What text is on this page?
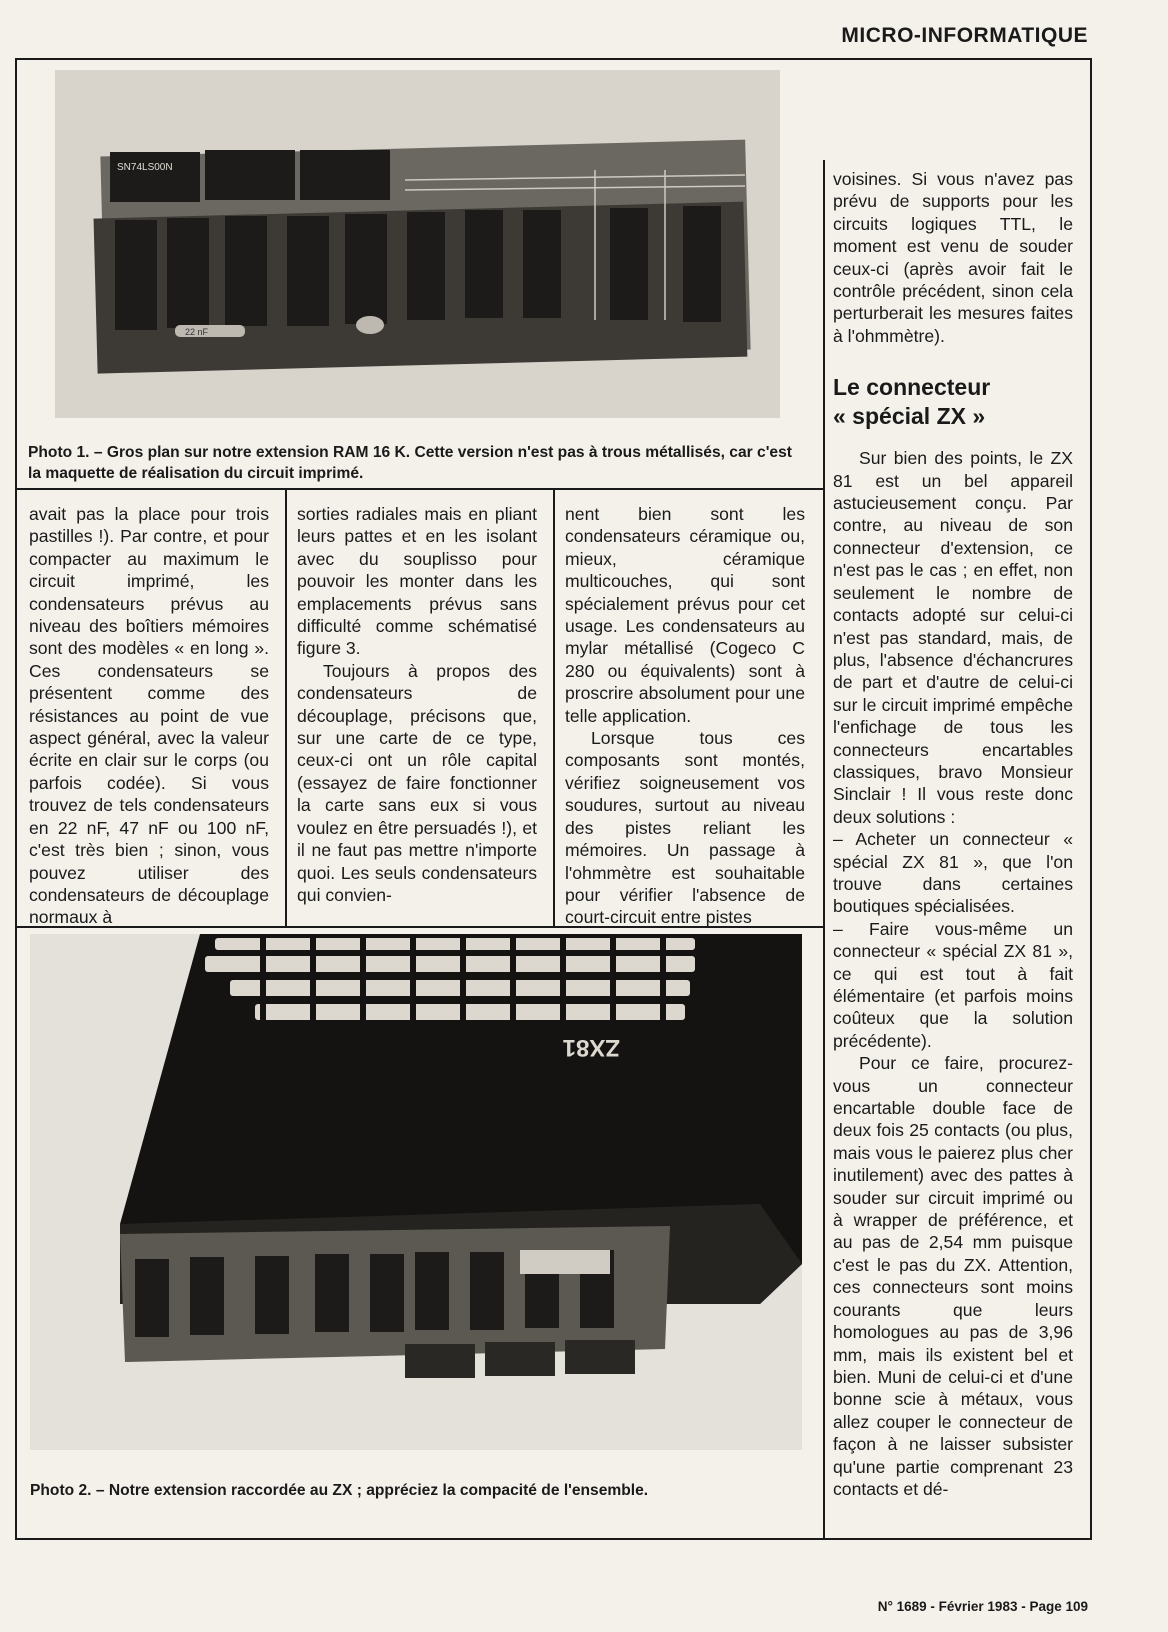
MICRO-INFORMATIQUE
SN74LS00N
22 nF
Photo 1. – Gros plan sur notre extension RAM 16 K. Cette version n'est pas à trous métallisés, car c'est la maquette de réalisation du circuit imprimé.

avait pas la place pour trois pastilles !). Par contre, et pour compacter au maximum le circuit imprimé, les condensateurs prévus au niveau des boîtiers mémoires sont des modèles « en long ». Ces condensateurs se présentent comme des résistances au point de vue aspect général, avec la valeur écrite en clair sur le corps (ou parfois codée). Si vous trouvez de tels condensateurs en 22 nF, 47 nF ou 100 nF, c'est très bien ; sinon, vous pouvez utiliser des condensateurs de découplage normaux à

sorties radiales mais en pliant leurs pattes et en les isolant avec du souplisso pour pouvoir les monter dans les emplacements prévus sans difficulté comme schématisé figure 3.

Toujours à propos des condensateurs de découplage, précisons que, sur une carte de ce type, ceux-ci ont un rôle capital (essayez de faire fonctionner la carte sans eux si vous voulez en être persuadés !), et il ne faut pas mettre n'importe quoi. Les seuls condensateurs qui convien-

nent bien sont les condensateurs céramique ou, mieux, céramique multicouches, qui sont spécialement prévus pour cet usage. Les condensateurs au mylar métallisé (Cogeco C 280 ou équivalents) sont à proscrire absolument pour une telle application.

Lorsque tous ces composants sont montés, vérifiez soigneusement vos soudures, surtout au niveau des pistes reliant les mémoires. Un passage à l'ohmmètre est souhaitable pour vérifier l'absence de court-circuit entre pistes

voisines. Si vous n'avez pas prévu de supports pour les circuits logiques TTL, le moment est venu de souder ceux-ci (après avoir fait le contrôle précédent, sinon cela perturberait les mesures faites à l'ohmmètre).

Le connecteur
« spécial ZX »

Sur bien des points, le ZX 81 est un bel appareil astucieusement conçu. Par contre, au niveau de son connecteur d'extension, ce n'est pas le cas ; en effet, non seulement le nombre de contacts adopté sur celui-ci n'est pas standard, mais, de plus, l'absence d'échancrures de part et d'autre de celui-ci sur le circuit imprimé empêche l'enfichage de tous les connecteurs encartables classiques, bravo Monsieur Sinclair ! Il vous reste donc deux solutions :

– Acheter un connecteur « spécial ZX 81 », que l'on trouve dans certaines boutiques spécialisées.

– Faire vous-même un connecteur « spécial ZX 81 », ce qui est tout à fait élémentaire (et parfois moins coûteux que la solution précédente).

Pour ce faire, procurez-vous un connecteur encartable double face de deux fois 25 contacts (ou plus, mais vous le paierez plus cher inutilement) avec des pattes à souder sur circuit imprimé ou à wrapper de préférence, et au pas de 2,54 mm puisque c'est le pas du ZX. Attention, ces connecteurs sont moins courants que leurs homologues au pas de 3,96 mm, mais ils existent bel et bien. Muni de celui-ci et d'une bonne scie à métaux, vous allez couper le connecteur de façon à ne laisser subsister qu'une partie comprenant 23 contacts et dé-

ZX81
Photo 2. – Notre extension raccordée au ZX ; appréciez la compacité de l'ensemble.
N° 1689 - Février 1983 - Page 109
